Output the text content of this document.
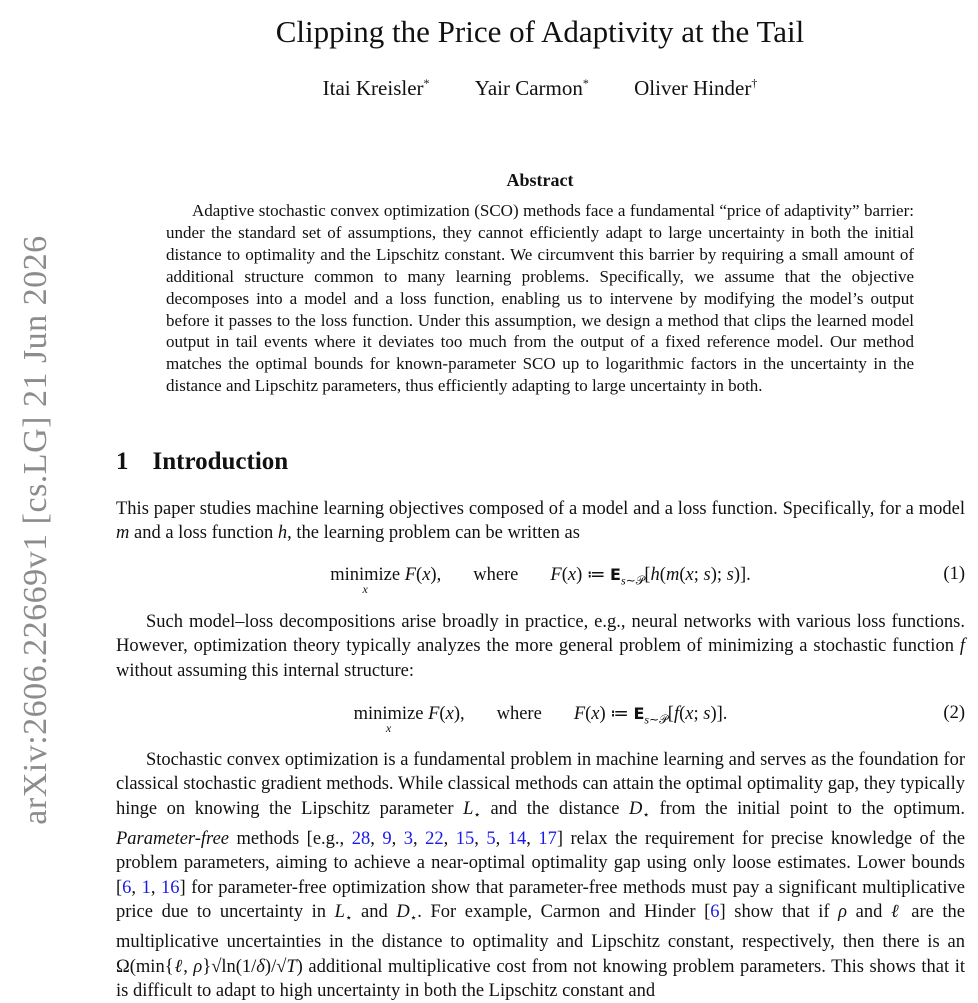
arXiv:2606.22669v1 [cs.LG] 21 Jun 2026
Clipping the Price of Adaptivity at the Tail
Itai Kreisler* Yair Carmon* Oliver Hinder†
Abstract

Adaptive stochastic convex optimization (SCO) methods face a fundamental “price of adaptivity” barrier: under the standard set of assumptions, they cannot efficiently adapt to large uncertainty in both the initial distance to optimality and the Lipschitz constant. We circumvent this barrier by requiring a small amount of additional structure common to many learning problems. Specifically, we assume that the objective decomposes into a model and a loss function, enabling us to intervene by modifying the model’s output before it passes to the loss function. Under this assumption, we design a method that clips the learned model output in tail events where it deviates too much from the output of a fixed reference model. Our method matches the optimal bounds for known-parameter SCO up to logarithmic factors in the uncertainty in the distance and Lipschitz parameters, thus efficiently adapting to large uncertainty in both.

1 Introduction

This paper studies machine learning objectives composed of a model and a loss function. Specifically, for a model m and a loss function h, the learning problem can be written as

minimize
x
F(x), where F(x) ≔ $E_{s\sim 𝒫}[h(m(x$; s); s)].	(1)

Such model–loss decompositions arise broadly in practice, e.g., neural networks with various loss functions. However, optimization theory typically analyzes the more general problem of minimizing a stochastic function f without assuming this internal structure:

minimize
x
F(x), where F(x) ≔ $E_{s\sim 𝒫}[f(x$; s)].	(2)

Stochastic convex optimization is a fundamental problem in machine learning and serves as the foundation for classical stochastic gradient methods. While classical methods can attain the optimal optimality gap, they typically hinge on knowing the Lipschitz parameter $L_⋆$ and the distance $D_⋆$ from the initial point to the optimum. Parameter-free methods [e.g., 28, 9, 3, 22, 15, 5, 14, 17] relax the requirement for precise knowledge of the problem parameters, aiming to achieve a near-optimal optimality gap using only loose estimates. Lower bounds [6, 1, 16] for parameter-free optimization show that parameter-free methods must pay a significant multiplicative price due to uncertainty in $L_⋆$ and $D_⋆$. For example, Carmon and Hinder [6] show that if ρ and ℓ are the multiplicative uncertainties in the distance to optimality and Lipschitz constant, respectively, then there is an Ω(min{ℓ, ρ}√ln(1/δ)/√T) additional multiplicative cost from not knowing problem parameters. This shows that it is difficult to adapt to high uncertainty in both the Lipschitz constant and
